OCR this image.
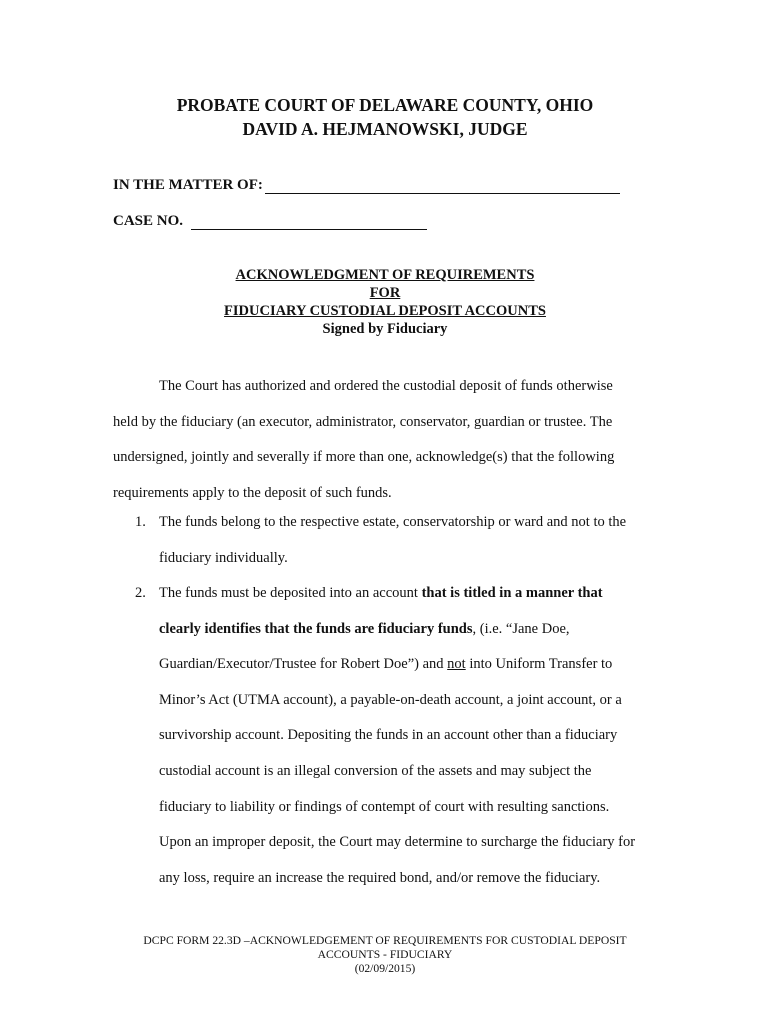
PROBATE COURT OF DELAWARE COUNTY, OHIO
DAVID A. HEJMANOWSKI, JUDGE
IN THE MATTER OF:
CASE NO.
ACKNOWLEDGMENT OF REQUIREMENTS
FOR
FIDUCIARY CUSTODIAL DEPOSIT ACCOUNTS
Signed by Fiduciary
The Court has authorized and ordered the custodial deposit of funds otherwise
held by the fiduciary (an executor, administrator, conservator, guardian or trustee. The
undersigned, jointly and severally if more than one, acknowledge(s) that the following
requirements apply to the deposit of such funds.
1. The funds belong to the respective estate, conservatorship or ward and not to the
fiduciary individually.
2. The funds must be deposited into an account that is titled in a manner that
clearly identifies that the funds are fiduciary funds, (i.e. “Jane Doe,
Guardian/Executor/Trustee for Robert Doe”) and not into Uniform Transfer to
Minor’s Act (UTMA account), a payable-on-death account, a joint account, or a
survivorship account. Depositing the funds in an account other than a fiduciary
custodial account is an illegal conversion of the assets and may subject the
fiduciary to liability or findings of contempt of court with resulting sanctions.
Upon an improper deposit, the Court may determine to surcharge the fiduciary for
any loss, require an increase the required bond, and/or remove the fiduciary.
DCPC FORM 22.3D –ACKNOWLEDGEMENT OF REQUIREMENTS FOR CUSTODIAL DEPOSIT
ACCOUNTS - FIDUCIARY
(02/09/2015)
